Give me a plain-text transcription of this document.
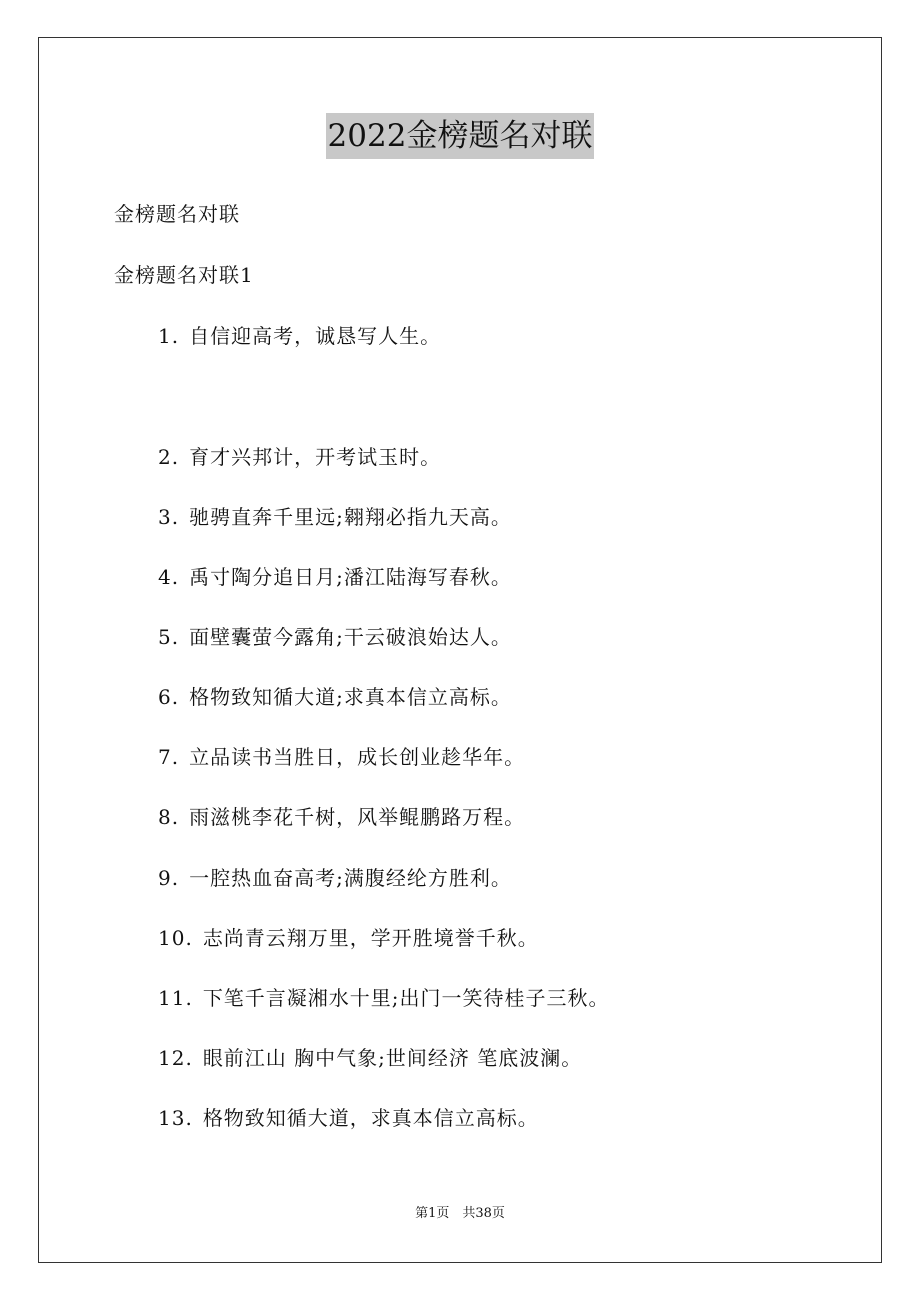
2022金榜题名对联
金榜题名对联
金榜题名对联1
1. 自信迎高考，诚恳写人生。
2. 育才兴邦计，开考试玉时。
3. 驰骋直奔千里远;翱翔必指九天高。
4. 禹寸陶分追日月;潘江陆海写春秋。
5. 面壁囊萤今露角;干云破浪始达人。
6. 格物致知循大道;求真本信立高标。
7. 立品读书当胜日，成长创业趁华年。
8. 雨滋桃李花千树，风举鲲鹏路万程。
9. 一腔热血奋高考;满腹经纶方胜利。
10. 志尚青云翔万里，学开胜境誉千秋。
11. 下笔千言凝湘水十里;出门一笑待桂子三秋。
12. 眼前江山 胸中气象;世间经济 笔底波澜。
13. 格物致知循大道，求真本信立高标。
第1页　共38页
